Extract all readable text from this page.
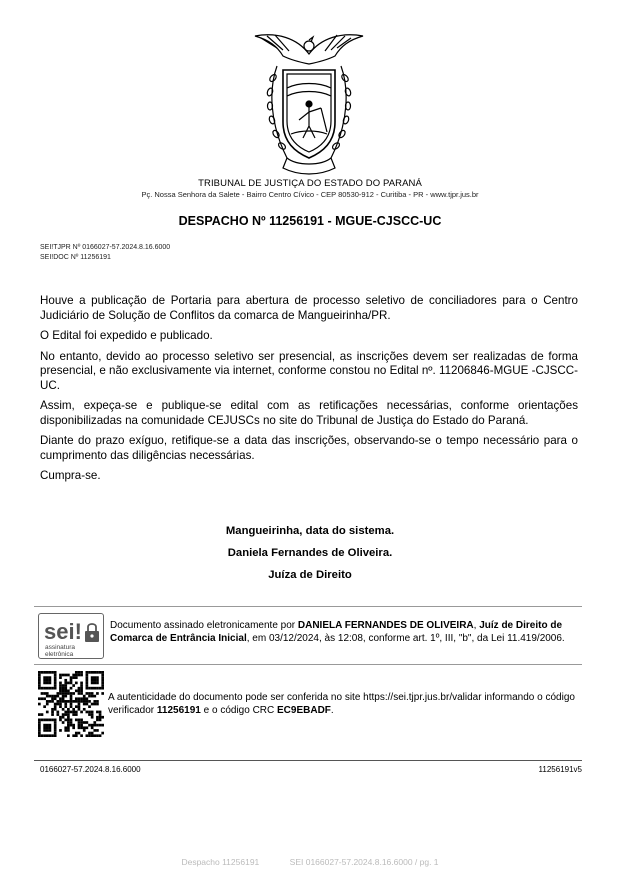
TRIBUNAL DE JUSTIÇA DO ESTADO DO PARANÁ
Pç. Nossa Senhora da Salete - Bairro Centro Cívico - CEP 80530-912 - Curitiba - PR - www.tjpr.jus.br
DESPACHO Nº 11256191 - MGUE-CJSCC-UC
SEI!TJPR Nº 0166027-57.2024.8.16.6000
SEI!DOC Nº 11256191

Houve a publicação de Portaria para abertura de processo seletivo de conciliadores para o Centro Judiciário de Solução de Conflitos da comarca de Mangueirinha/PR.

O Edital foi expedido e publicado.

No entanto, devido ao processo seletivo ser presencial, as inscrições devem ser realizadas de forma presencial, e não exclusivamente via internet, conforme constou no Edital nº. 11206846-MGUE -CJSCC-UC.

Assim, expeça-se e publique-se edital com as retificações necessárias, conforme orientações disponibilizadas na comunidade CEJUSCs no site do Tribunal de Justiça do Estado do Paraná.

Diante do prazo exíguo, retifique-se a data das inscrições, observando-se o tempo necessário para o cumprimento das diligências necessárias.

Cumpra-se.

Mangueirinha, data do sistema.
Daniela Fernandes de Oliveira.
Juíza de Direito
sei!
assinatura
eletrônica
Documento assinado eletronicamente por DANIELA FERNANDES DE OLIVEIRA, Juíz de Direito de Comarca de Entrância Inicial, em 03/12/2024, às 12:08, conforme art. 1º, III, "b", da Lei 11.419/2006.
A autenticidade do documento pode ser conferida no site https://sei.tjpr.jus.br/validar informando o código verificador 11256191 e o código CRC EC9EBADF.
0166027-57.2024.8.16.6000	11256191v5
Despacho 11256191	SEI 0166027-57.2024.8.16.6000 / pg. 1
